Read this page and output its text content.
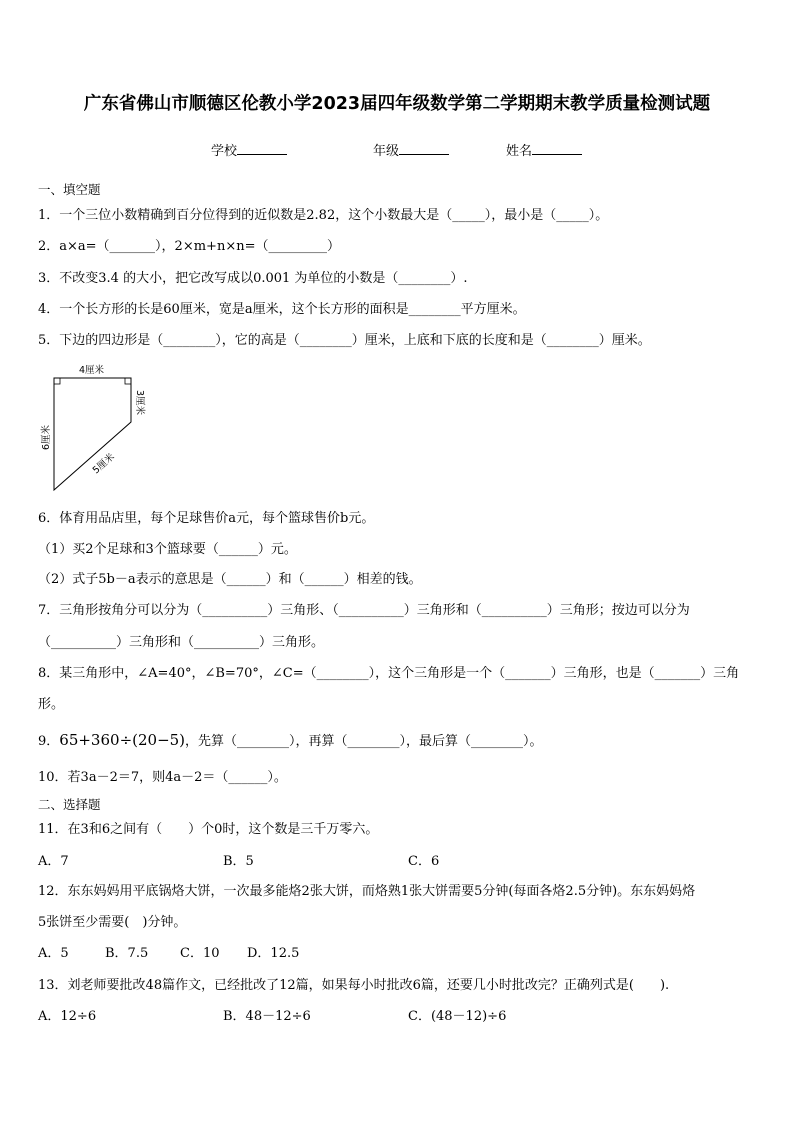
广东省佛山市顺德区伦教小学2023届四年级数学第二学期期末教学质量检测试题
学校	年级	姓名
一、填空题
1．一个三位小数精确到百分位得到的近似数是2.82，这个小数最大是（_____），最小是（_____）。
2．a×a=（_______），2×m+n×n=（_________）
3．不改变3.4 的大小，把它改写成以0.001 为单位的小数是（________）.
4．一个长方形的长是60厘米，宽是a厘米，这个长方形的面积是________平方厘米。
5．下边的四边形是（________），它的高是（________）厘米，上底和下底的长度和是（________）厘米。
4厘米
3厘米
6厘米
5厘米
6．体育用品店里，每个足球售价a元，每个篮球售价b元。
（1）买2个足球和3个篮球要（______）元。
（2）式子5b－a表示的意思是（______）和（______）相差的钱。
7．三角形按角分可以分为（__________）三角形、（__________）三角形和（__________）三角形；按边可以分为
（__________）三角形和（__________）三角形。
8．某三角形中，∠A=40°，∠B=70°，∠C=（________），这个三角形是一个（_______）三角形，也是（_______）三角
形。
9．65+360÷(20−5)，先算（________），再算（________），最后算（________）。
10．若3a－2＝7，则4a－2＝（______）。
二、选择题
11．在3和6之间有（　　）个0时，这个数是三千万零六。
A．7	B．5	C．6
12．东东妈妈用平底锅烙大饼，一次最多能烙2张大饼，而烙熟1张大饼需要5分钟(每面各烙2.5分钟)。东东妈妈烙
5张饼至少需要(　)分钟。
A．5	B．7.5 C．10 D．12.5
13．刘老师要批改48篇作文，已经批改了12篇，如果每小时批改6篇，还要几小时批改完？正确列式是(　　).
A．12÷6	B．48－12÷6	C．(48－12)÷6
